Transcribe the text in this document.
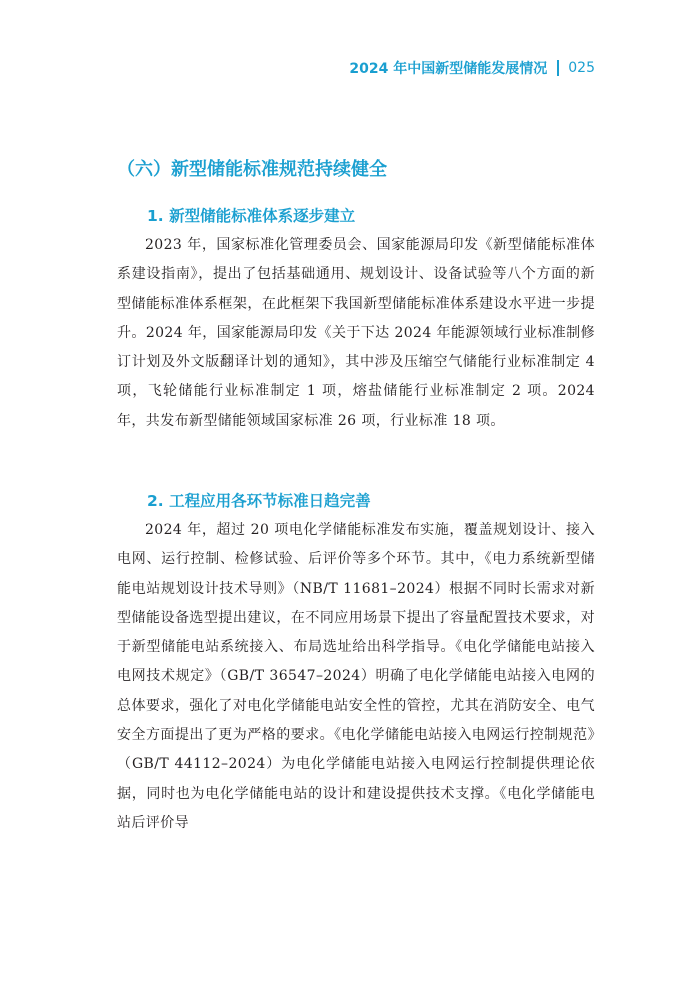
2024 年中国新型储能发展情况 025
（六）新型储能标准规范持续健全
1. 新型储能标准体系逐步建立

2023 年，国家标准化管理委员会、国家能源局印发《新型储能标准体系建设指南》，提出了包括基础通用、规划设计、设备试验等八个方面的新型储能标准体系框架，在此框架下我国新型储能标准体系建设水平进一步提升。2024 年，国家能源局印发《关于下达 2024 年能源领域行业标准制修订计划及外文版翻译计划的通知》，其中涉及压缩空气储能行业标准制定 4 项，飞轮储能行业标准制定 1 项，熔盐储能行业标准制定 2 项。2024 年，共发布新型储能领域国家标准 26 项，行业标准 18 项。

2. 工程应用各环节标准日趋完善

2024 年，超过 20 项电化学储能标准发布实施，覆盖规划设计、接入电网、运行控制、检修试验、后评价等多个环节。其中，《电力系统新型储能电站规划设计技术导则》（NB/T 11681–2024）根据不同时长需求对新型储能设备选型提出建议，在不同应用场景下提出了容量配置技术要求，对于新型储能电站系统接入、布局选址给出科学指导。《电化学储能电站接入电网技术规定》（GB/T 36547–2024）明确了电化学储能电站接入电网的总体要求，强化了对电化学储能电站安全性的管控，尤其在消防安全、电气安全方面提出了更为严格的要求。《电化学储能电站接入电网运行控制规范》（GB/T 44112–2024）为电化学储能电站接入电网运行控制提供理论依据，同时也为电化学储能电站的设计和建设提供技术支撑。《电化学储能电站后评价导
